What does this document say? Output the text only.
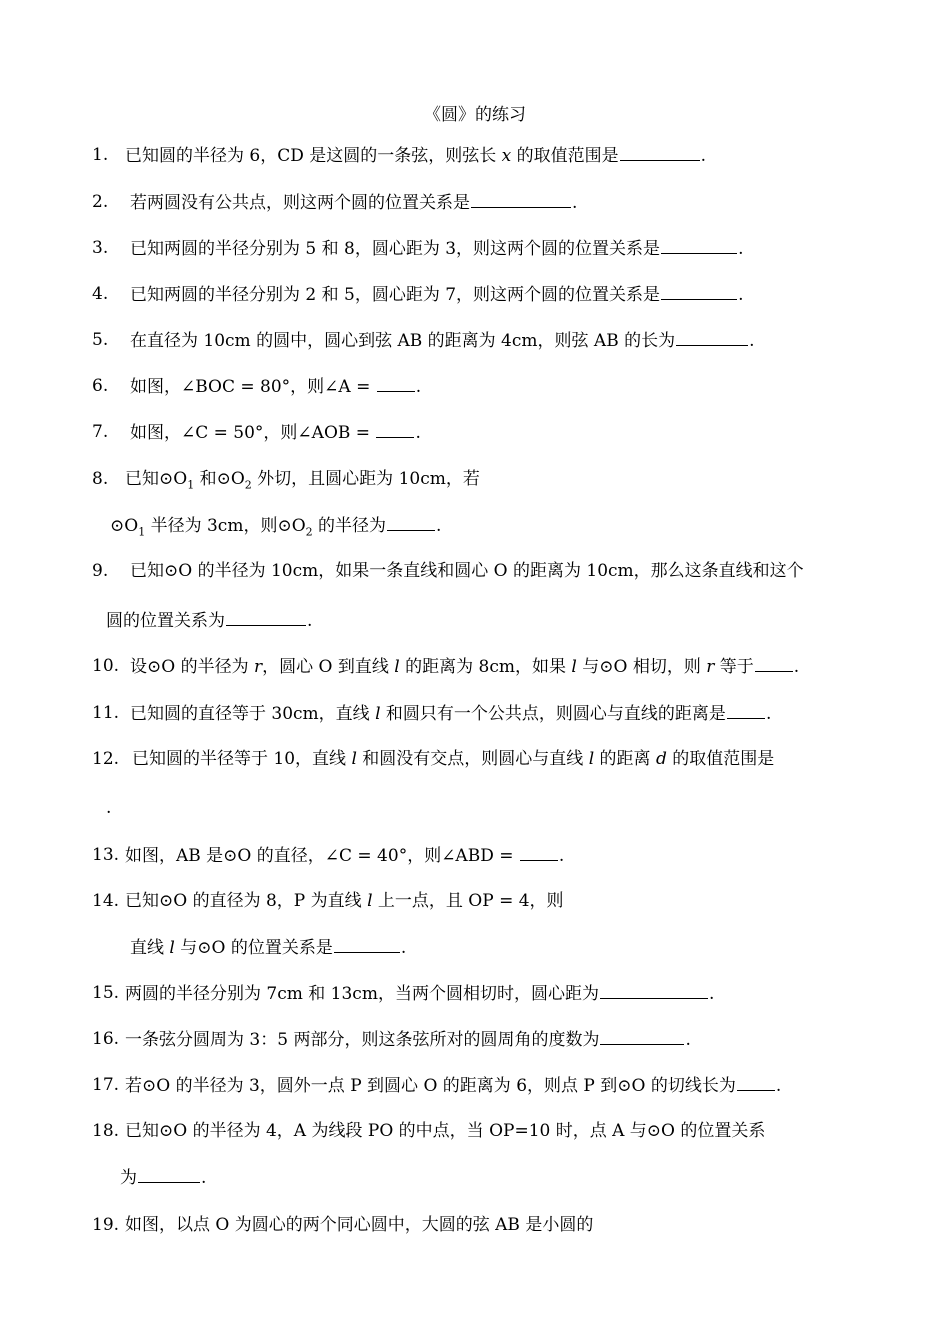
《圆》的练习
1. 已知圆的半径为 6，CD 是这圆的一条弦，则弦长 x 的取值范围是	.
2. 若两圆没有公共点，则这两个圆的位置关系是	.
3. 已知两圆的半径分别为 5 和 8，圆心距为 3，则这两个圆的位置关系是	.
4. 已知两圆的半径分别为 2 和 5，圆心距为 7，则这两个圆的位置关系是	.
5. 在直径为 10cm 的圆中，圆心到弦 AB 的距离为 4cm，则弦 AB 的长为	.
6. 如图，∠BOC = 80°，则∠A = .
7. 如图，∠C = 50°，则∠AOB = .
8. 已知$⊙O_1$ 和$⊙O_2$ 外切，且圆心距为 10cm，若
$⊙O_1$ 半径为 3cm，则$⊙O_2$ 的半径为	.
9. 已知⊙O 的半径为 10cm，如果一条直线和圆心 O 的距离为 10cm，那么这条直线和这个
圆的位置关系为	.
10. 设⊙O 的半径为 r，圆心 O 到直线 l 的距离为 8cm，如果 l 与⊙O 相切，则 r 等于 .
11. 已知圆的直径等于 30cm，直线 l 和圆只有一个公共点，则圆心与直线的距离是 .
12. 已知圆的半径等于 10，直线 l 和圆没有交点，则圆心与直线 l 的距离 d 的取值范围是
.
13. 如图，AB 是⊙O 的直径，∠C = 40°，则∠ABD = .
14. 已知⊙O 的直径为 8，P 为直线 l 上一点，且 OP = 4，则
直线 l 与⊙O 的位置关系是	.
15. 两圆的半径分别为 7cm 和 13cm，当两个圆相切时，圆心距为	.
16. 一条弦分圆周为 3：5 两部分，则这条弦所对的圆周角的度数为	.
17. 若⊙O 的半径为 3，圆外一点 P 到圆心 O 的距离为 6，则点 P 到⊙O 的切线长为 .
18. 已知⊙O 的半径为 4，A 为线段 PO 的中点，当 OP=10 时，点 A 与⊙O 的位置关系
为	.
19. 如图，以点 O 为圆心的两个同心圆中，大圆的弦 AB 是小圆的
